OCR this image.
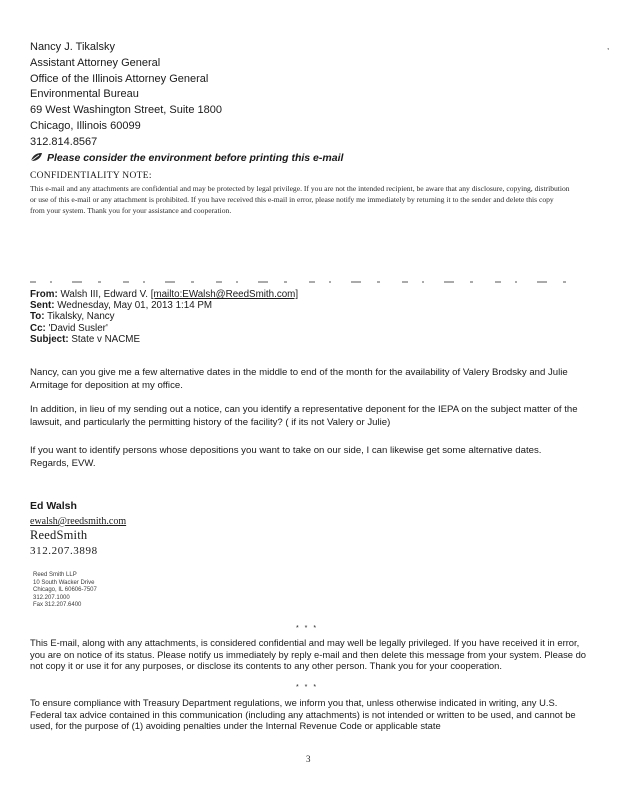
,
Nancy J. Tikalsky
Assistant Attorney General
Office of the Illinois Attorney General
Environmental Bureau
69 West Washington Street, Suite 1800
Chicago, Illinois 60099
312.814.8567
Please consider the environment before printing this e-mail
CONFIDENTIALITY NOTE:
This e-mail and any attachments are confidential and may be protected by legal privilege. If you are not the intended recipient, be aware that any disclosure, copying, distribution or use of this e-mail or any attachment is prohibited. If you have received this e-mail in error, please notify me immediately by returning it to the sender and delete this copy from your system. Thank you for your assistance and cooperation.
From: Walsh III, Edward V. [mailto:EWalsh@ReedSmith.com]
Sent: Wednesday, May 01, 2013 1:14 PM
To: Tikalsky, Nancy
Cc: 'David Susler'
Subject: State v NACME

Nancy, can you give me a few alternative dates in the middle to end of the month for the availability of Valery Brodsky and Julie Armitage for deposition at my office.

In addition, in lieu of my sending out a notice, can you identify a representative deponent for the IEPA on the subject matter of the lawsuit, and particularly the permitting history of the facility? ( if its not Valery or Julie)

If you want to identify persons whose depositions you want to take on our side, I can likewise get some alternative dates. Regards, EVW.

Ed Walsh
ewalsh@reedsmith.com
ReedSmith
312.207.3898
Reed Smith LLP
10 South Wacker Drive
Chicago, IL 60606-7507
312.207.1000
Fax 312.207.6400
* * *

This E-mail, along with any attachments, is considered confidential and may well be legally privileged. If you have received it in error, you are on notice of its status. Please notify us immediately by reply e-mail and then delete this message from your system. Please do not copy it or use it for any purposes, or disclose its contents to any other person. Thank you for your cooperation.

* * *

To ensure compliance with Treasury Department regulations, we inform you that, unless otherwise indicated in writing, any U.S. Federal tax advice contained in this communication (including any attachments) is not intended or written to be used, and cannot be used, for the purpose of (1) avoiding penalties under the Internal Revenue Code or applicable state

3
